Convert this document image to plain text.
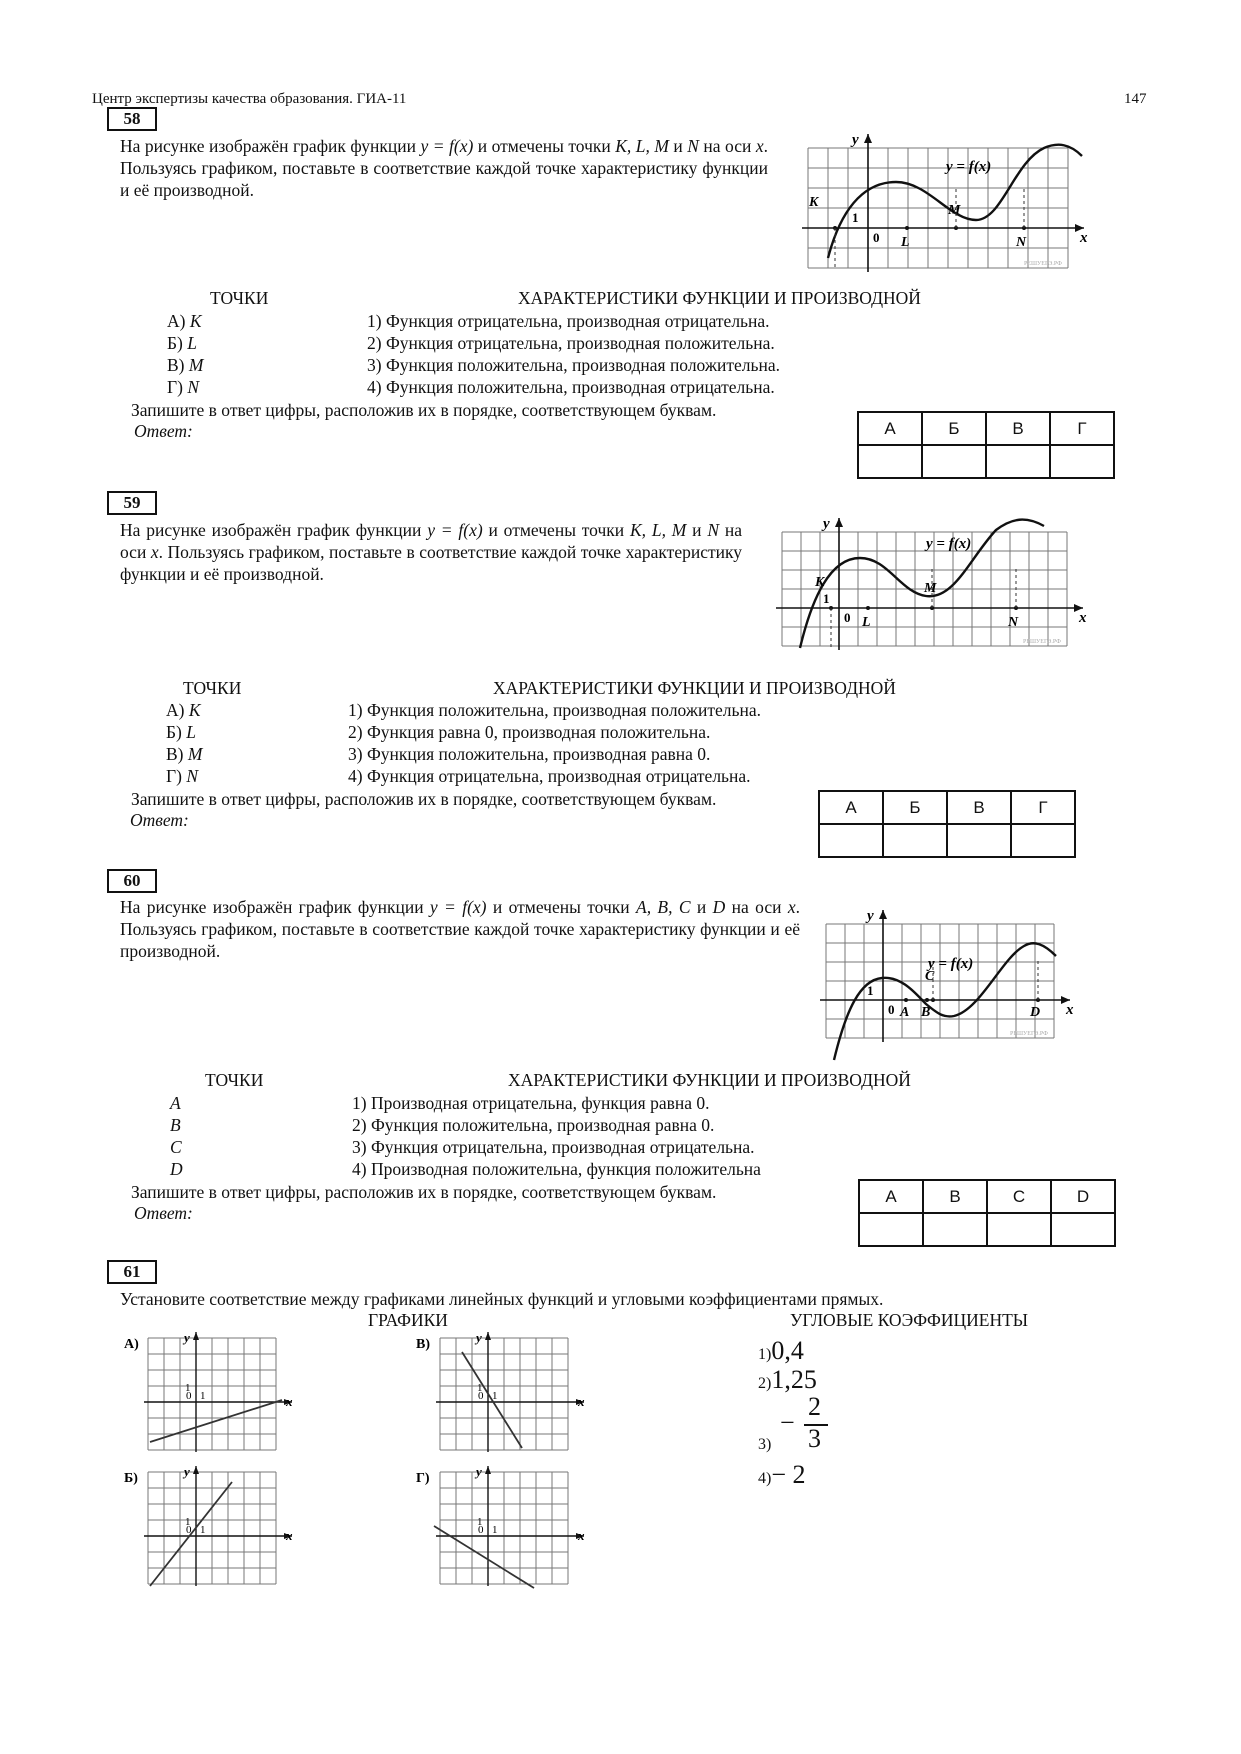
Центр экспертизы качества образования. ГИА-11	147
58
На рисунке изображён график функции y = f(x) и отмечены точки K, L, M и N на оси x. Пользуясь графиком, поставьте в соответствие каждой точке характеристику функции и её производной.
x
y
0
1
K
L
M
N
y = f(x)
РЕШУЕГЭ.РФ
ТОЧКИ	ХАРАКТЕРИСТИКИ ФУНКЦИИ И ПРОИЗВОДНОЙ
А) K	1) Функция отрицательна, производная отрицательна.
Б) L	2) Функция отрицательна, производная положительна.
В) M	3) Функция положительна, производная положительна.
Г) N	4) Функция положительна, производная отрицательна.
Запишите в ответ цифры, расположив их в порядке, соответствующем буквам.
Ответ:	А	Б	В	Г

59
На рисунке изображён график функции y = f(x) и отмечены точки K, L, M и N на оси x. Пользуясь графиком, поставьте в соответствие каждой точке характеристику функции и её производной.
x
y
0
1
K
L
M
N
y = f(x)
РЕШУЕГЭ.РФ
ТОЧКИ	ХАРАКТЕРИСТИКИ ФУНКЦИИ И ПРОИЗВОДНОЙ
А) K	1) Функция положительна, производная положительна.
Б) L	2) Функция равна 0, производная положительна.
В) M	3) Функция положительна, производная равна 0.
Г) N	4) Функция отрицательна, производная отрицательна.
Запишите в ответ цифры, расположив их в порядке, соответствующем буквам.
Ответ:
А	Б	В	Г

60
На рисунке изображён график функции y = f(x) и отмечены точки A, B, C и D на оси x. Пользуясь графиком, поставьте в соответствие каждой точке характеристику функции и её производной.
x
y
0
1
A B
C
D
y = f(x)
РЕШУЕГЭ.РФ
ТОЧКИ	ХАРАКТЕРИСТИКИ ФУНКЦИИ И ПРОИЗВОДНОЙ
A	1) Производная отрицательна, функция равна 0.
B	2) Функция положительна, производная равна 0.
C	3) Функция отрицательна, производная отрицательна.
D	4) Производная положительна, функция положительна
Запишите в ответ цифры, расположив их в порядке, соответствующем буквам.
Ответ:
A	B	C	D

61
Установите соответствие между графиками линейных функций и угловыми коэффициентами прямых.
ГРАФИКИ	УГЛОВЫЕ КОЭФФИЦИЕНТЫ
А)
x
y
0 1
1
В)
x
y
0 1
1
Б)
x
y
0 1
1
Г)
x
y
0 1
1
1)0,4
2)1,25
3)
−
2
3
4)− 2
